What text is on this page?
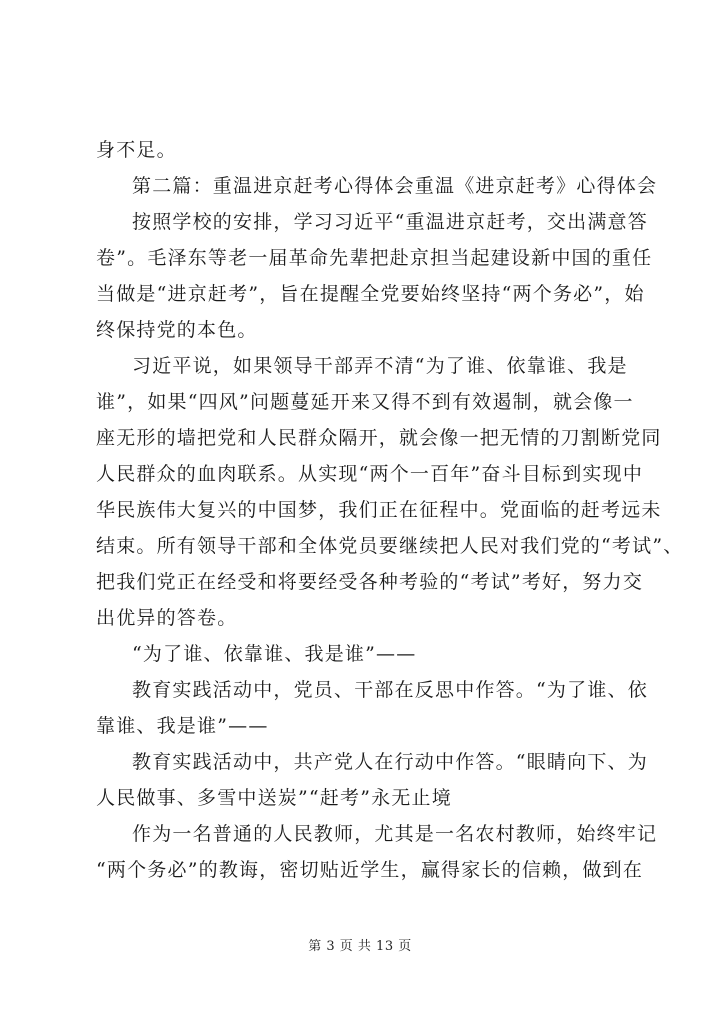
身不足。
第二篇：重温进京赶考心得体会重温《进京赶考》心得体会
按照学校的安排，学习习近平“重温进京赶考，交出满意答
卷”。毛泽东等老一届革命先辈把赴京担当起建设新中国的重任
当做是“进京赶考”，旨在提醒全党要始终坚持“两个务必”，始
终保持党的本色。
习近平说，如果领导干部弄不清“为了谁、依靠谁、我是
谁”，如果“四风”问题蔓延开来又得不到有效遏制，就会像一
座无形的墙把党和人民群众隔开，就会像一把无情的刀割断党同
人民群众的血肉联系。从实现“两个一百年”奋斗目标到实现中
华民族伟大复兴的中国梦，我们正在征程中。党面临的赶考远未
结束。所有领导干部和全体党员要继续把人民对我们党的“考试”、
把我们党正在经受和将要经受各种考验的“考试”考好，努力交
出优异的答卷。
“为了谁、依靠谁、我是谁”——
教育实践活动中，党员、干部在反思中作答。“为了谁、依
靠谁、我是谁”——
教育实践活动中，共产党人在行动中作答。“眼睛向下、为
人民做事、多雪中送炭”“赶考”永无止境
作为一名普通的人民教师，尤其是一名农村教师，始终牢记
“两个务必”的教诲，密切贴近学生，赢得家长的信赖，做到在
第 3 页 共 13 页
